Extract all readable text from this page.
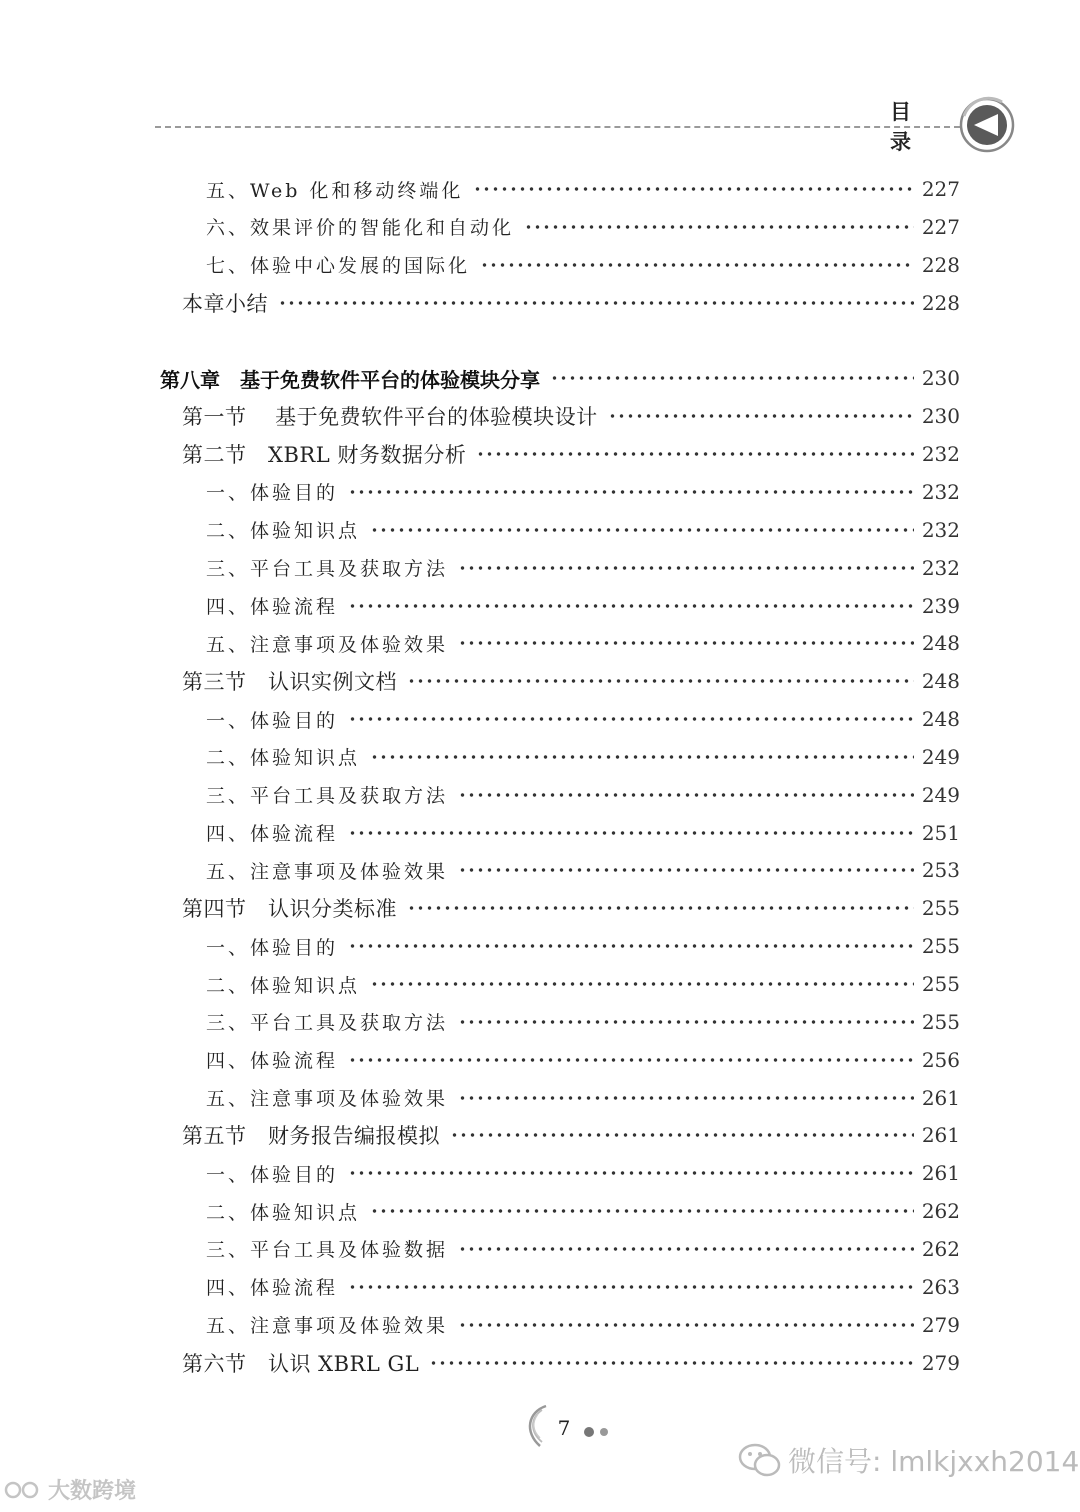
目 录
五、Web 化和移动终端化	227
六、效果评价的智能化和自动化	227
七、体验中心发展的国际化	228
本章小结	228
第八章　基于免费软件平台的体验模块分享	230
第一节　 基于免费软件平台的体验模块设计	230
第二节　XBRL 财务数据分析	232
一、体验目的	232
二、体验知识点	232
三、平台工具及获取方法	232
四、体验流程	239
五、注意事项及体验效果	248
第三节　认识实例文档	248
一、体验目的	248
二、体验知识点	249
三、平台工具及获取方法	249
四、体验流程	251
五、注意事项及体验效果	253
第四节　认识分类标准	255
一、体验目的	255
二、体验知识点	255
三、平台工具及获取方法	255
四、体验流程	256
五、注意事项及体验效果	261
第五节　财务报告编报模拟	261
一、体验目的	261
二、体验知识点	262
三、平台工具及体验数据	262
四、体验流程	263
五、注意事项及体验效果	279
第六节　认识 XBRL GL	279
7
微信号: lmlkjxxh2014
大数跨境
